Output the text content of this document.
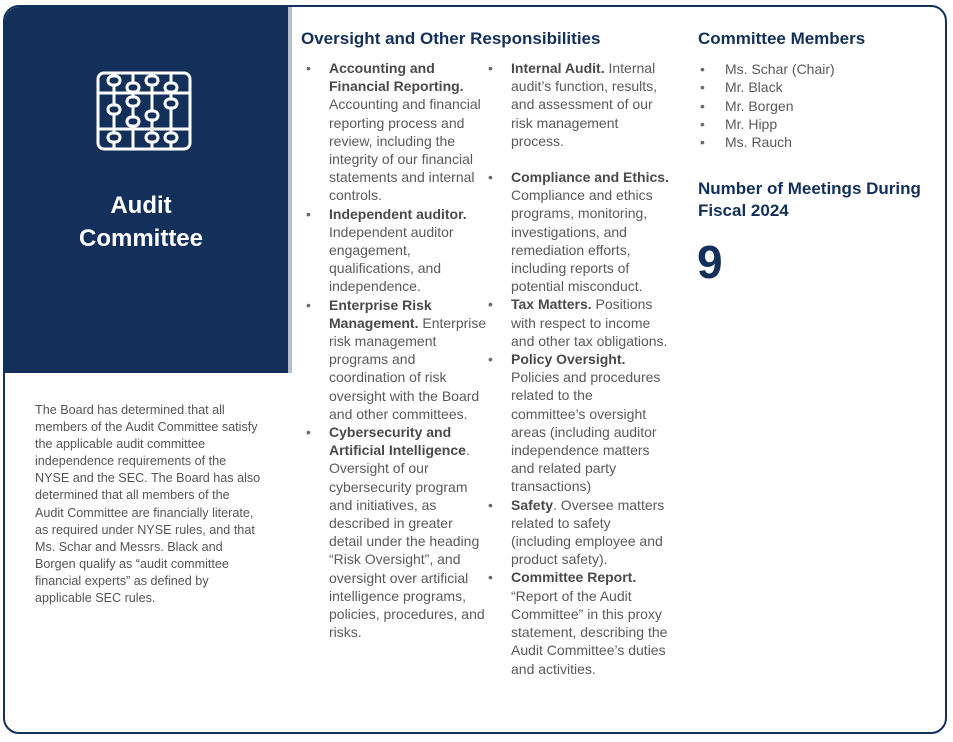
Audit
Committee
The Board has determined that all members of the Audit Committee satisfy the applicable audit committee independence requirements of the NYSE and the SEC. The Board has also determined that all members of the Audit Committee are financially literate, as required under NYSE rules, and that Ms. Schar and Messrs. Black and Borgen qualify as “audit committee financial experts” as defined by applicable SEC rules.
Oversight and Other Responsibilities
• Accounting and Financial Reporting. Accounting and financial reporting process and review, including the integrity of our financial statements and internal controls.
• Independent auditor. Independent auditor engagement, qualifications, and independence.
• Enterprise Risk Management. Enterprise risk management programs and coordination of risk oversight with the Board and other committees.
• Cybersecurity and Artificial Intelligence. Oversight of our cybersecurity program and initiatives, as described in greater detail under the heading “Risk Oversight”, and oversight over artificial intelligence programs, policies, procedures, and risks.
• Internal Audit. Internal audit’s function, results, and assessment of our risk management process.
• Compliance and Ethics. Compliance and ethics programs, monitoring, investigations, and remediation efforts, including reports of potential misconduct.
• Tax Matters. Positions with respect to income and other tax obligations.
• Policy Oversight. Policies and procedures related to the committee’s oversight areas (including auditor independence matters and related party transactions)
• Safety. Oversee matters related to safety (including employee and product safety).
• Committee Report. “Report of the Audit Committee” in this proxy statement, describing the Audit Committee’s duties and activities.
Committee Members
• Ms. Schar (Chair)
• Mr. Black
• Mr. Borgen
• Mr. Hipp
• Ms. Rauch
Number of Meetings During Fiscal 2024
9
